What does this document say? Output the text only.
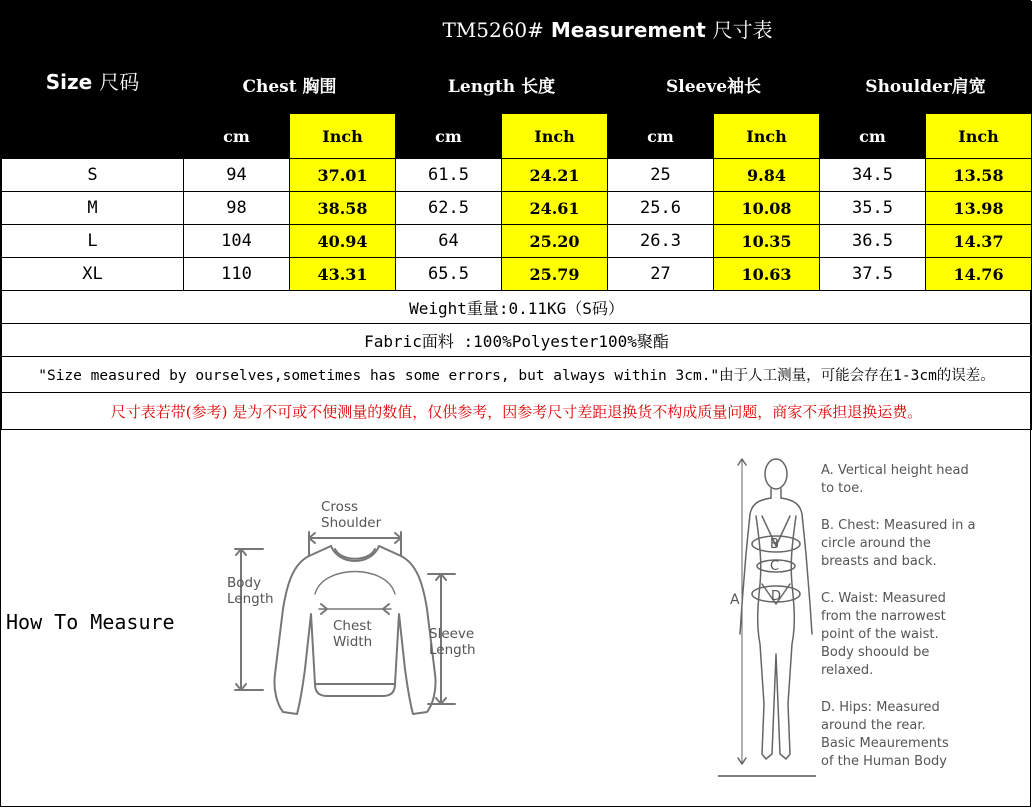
Size 尺码	TM5260# Measurement 尺寸表							
	Chest 胸围		Length 长度		Sleeve袖长		Shoulder肩宽	
	cm	Inch	cm	Inch	cm	Inch	cm	Inch
S	94	37.01	61.5	24.21	25	9.84	34.5	13.58
M	98	38.58	62.5	24.61	25.6	10.08	35.5	13.98
L	104	40.94	64	25.20	26.3	10.35	36.5	14.37
XL	110	43.31	65.5	25.79	27	10.63	37.5	14.76
Weight重量:0.11KG（S码）								
Fabric面料 :100%Polyester100%聚酯								
"Size measured by ourselves,sometimes has some errors, but always within 3cm."由于人工测量，可能会存在1-3cm的误差。								
尺寸表若带(参考) 是为不可或不便测量的数值，仅供参考，因参考尺寸差距退换货不构成质量问题，商家不承担退换运费。								
How To Measure
Cross
Shoulder
Body
Length
Chest
Width	Sleeve
Length
B
C
D
A
A. Vertical height head
to toe.
B. Chest: Measured in a
circle around the
breasts and back.
C. Waist: Measured
from the narrowest
point of the waist.
Body shoould be
relaxed.
D. Hips: Measured
around the rear.
Basic Meaurements
of the Human Body
